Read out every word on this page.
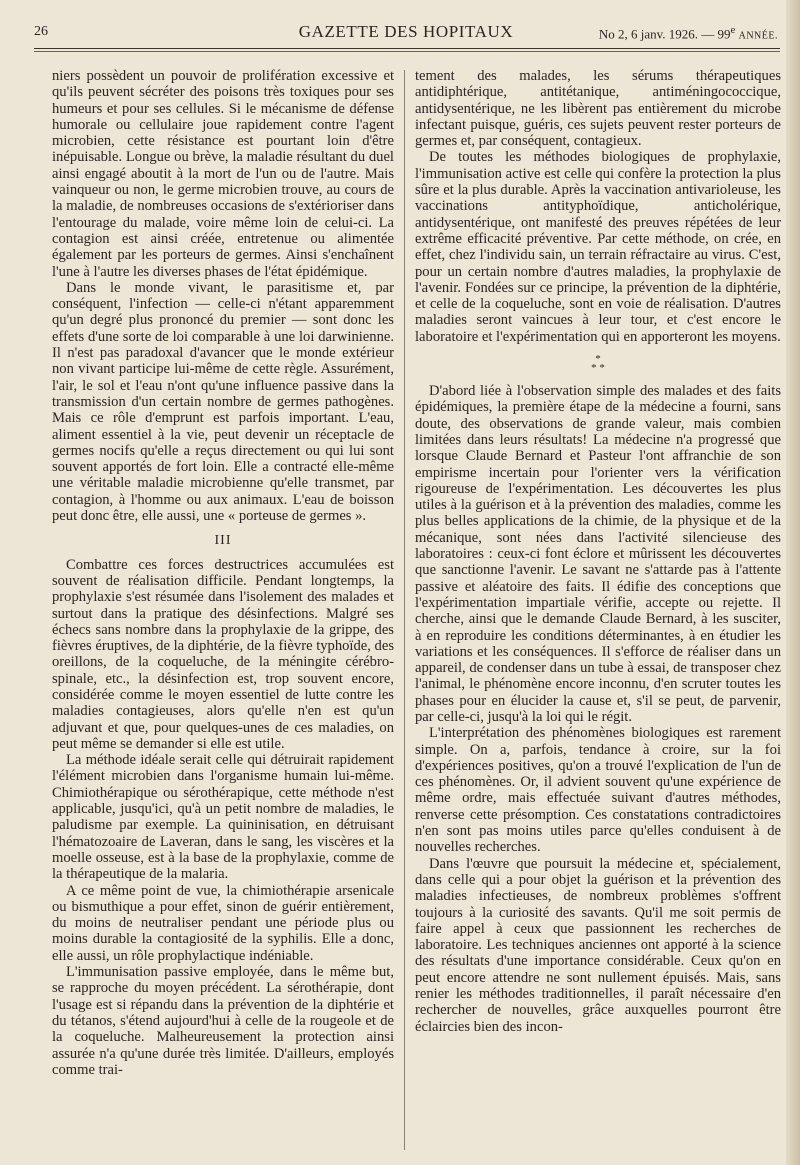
26	GAZETTE DES HOPITAUX	No 2, 6 janv. 1926. — 99e ANNÉE.

niers possèdent un pouvoir de prolifération excessive et qu'ils peuvent sécréter des poisons très toxiques pour ses humeurs et pour ses cellules. Si le mécanisme de défense humorale ou cellulaire joue rapidement contre l'agent microbien, cette résistance est pourtant loin d'être inépuisable. Longue ou brève, la maladie résultant du duel ainsi engagé aboutit à la mort de l'un ou de l'autre. Mais vainqueur ou non, le germe microbien trouve, au cours de la maladie, de nombreuses occasions de s'extérioriser dans l'entourage du malade, voire même loin de celui-ci. La contagion est ainsi créée, entretenue ou alimentée également par les porteurs de germes. Ainsi s'enchaînent l'une à l'autre les diverses phases de l'état épidémique.

Dans le monde vivant, le parasitisme et, par conséquent, l'infection — celle-ci n'étant apparemment qu'un degré plus prononcé du premier — sont donc les effets d'une sorte de loi comparable à une loi darwinienne. Il n'est pas paradoxal d'avancer que le monde extérieur non vivant participe lui-même de cette règle. Assurément, l'air, le sol et l'eau n'ont qu'une influence passive dans la transmission d'un certain nombre de germes pathogènes. Mais ce rôle d'emprunt est parfois important. L'eau, aliment essentiel à la vie, peut devenir un réceptacle de germes nocifs qu'elle a reçus directement ou qui lui sont souvent apportés de fort loin. Elle a contracté elle-même une véritable maladie microbienne qu'elle transmet, par contagion, à l'homme ou aux animaux. L'eau de boisson peut donc être, elle aussi, une « porteuse de germes ».

III

Combattre ces forces destructrices accumulées est souvent de réalisation difficile. Pendant longtemps, la prophylaxie s'est résumée dans l'isolement des malades et surtout dans la pratique des désinfections. Malgré ses échecs sans nombre dans la prophylaxie de la grippe, des fièvres éruptives, de la diphtérie, de la fièvre typhoïde, des oreillons, de la coqueluche, de la méningite cérébro-spinale, etc., la désinfection est, trop souvent encore, considérée comme le moyen essentiel de lutte contre les maladies contagieuses, alors qu'elle n'en est qu'un adjuvant et que, pour quelques-unes de ces maladies, on peut même se demander si elle est utile.

La méthode idéale serait celle qui détruirait rapidement l'élément microbien dans l'organisme humain lui-même. Chimiothérapique ou sérothérapique, cette méthode n'est applicable, jusqu'ici, qu'à un petit nombre de maladies, le paludisme par exemple. La quininisation, en détruisant l'hématozoaire de Laveran, dans le sang, les viscères et la moelle osseuse, est à la base de la prophylaxie, comme de la thérapeutique de la malaria.

A ce même point de vue, la chimiothérapie arsenicale ou bismuthique a pour effet, sinon de guérir entièrement, du moins de neutraliser pendant une période plus ou moins durable la contagiosité de la syphilis. Elle a donc, elle aussi, un rôle prophylactique indéniable.

L'immunisation passive employée, dans le même but, se rapproche du moyen précédent. La sérothérapie, dont l'usage est si répandu dans la prévention de la diphtérie et du tétanos, s'étend aujourd'hui à celle de la rougeole et de la coqueluche. Malheureusement la protection ainsi assurée n'a qu'une durée très limitée. D'ailleurs, employés comme trai-

tement des malades, les sérums thérapeutiques antidiphtérique, antitétanique, antiméningococcique, antidysentérique, ne les libèrent pas entièrement du microbe infectant puisque, guéris, ces sujets peuvent rester porteurs de germes et, par conséquent, contagieux.

De toutes les méthodes biologiques de prophylaxie, l'immunisation active est celle qui confère la protection la plus sûre et la plus durable. Après la vaccination antivarioleuse, les vaccinations antityphoïdique, anticholérique, antidysentérique, ont manifesté des preuves répétées de leur extrême efficacité préventive. Par cette méthode, on crée, en effet, chez l'individu sain, un terrain réfractaire au virus. C'est, pour un certain nombre d'autres maladies, la prophylaxie de l'avenir. Fondées sur ce principe, la prévention de la diphtérie, et celle de la coqueluche, sont en voie de réalisation. D'autres maladies seront vaincues à leur tour, et c'est encore le laboratoire et l'expérimentation qui en apporteront les moyens.

*
* *

D'abord liée à l'observation simple des malades et des faits épidémiques, la première étape de la médecine a fourni, sans doute, des observations de grande valeur, mais combien limitées dans leurs résultats! La médecine n'a progressé que lorsque Claude Bernard et Pasteur l'ont affranchie de son empirisme incertain pour l'orienter vers la vérification rigoureuse de l'expérimentation. Les découvertes les plus utiles à la guérison et à la prévention des maladies, comme les plus belles applications de la chimie, de la physique et de la mécanique, sont nées dans l'activité silencieuse des laboratoires : ceux-ci font éclore et mûrissent les découvertes que sanctionne l'avenir. Le savant ne s'attarde pas à l'attente passive et aléatoire des faits. Il édifie des conceptions que l'expérimentation impartiale vérifie, accepte ou rejette. Il cherche, ainsi que le demande Claude Bernard, à les susciter, à en reproduire les conditions déterminantes, à en étudier les variations et les conséquences. Il s'efforce de réaliser dans un appareil, de condenser dans un tube à essai, de transposer chez l'animal, le phénomène encore inconnu, d'en scruter toutes les phases pour en élucider la cause et, s'il se peut, de parvenir, par celle-ci, jusqu'à la loi qui le régit.

L'interprétation des phénomènes biologiques est rarement simple. On a, parfois, tendance à croire, sur la foi d'expériences positives, qu'on a trouvé l'explication de l'un de ces phénomènes. Or, il advient souvent qu'une expérience de même ordre, mais effectuée suivant d'autres méthodes, renverse cette présomption. Ces constatations contradictoires n'en sont pas moins utiles parce qu'elles conduisent à de nouvelles recherches.

Dans l'œuvre que poursuit la médecine et, spécialement, dans celle qui a pour objet la guérison et la prévention des maladies infectieuses, de nombreux problèmes s'offrent toujours à la curiosité des savants. Qu'il me soit permis de faire appel à ceux que passionnent les recherches de laboratoire. Les techniques anciennes ont apporté à la science des résultats d'une importance considérable. Ceux qu'on en peut encore attendre ne sont nullement épuisés. Mais, sans renier les méthodes traditionnelles, il paraît nécessaire d'en rechercher de nouvelles, grâce auxquelles pourront être éclaircies bien des incon-
